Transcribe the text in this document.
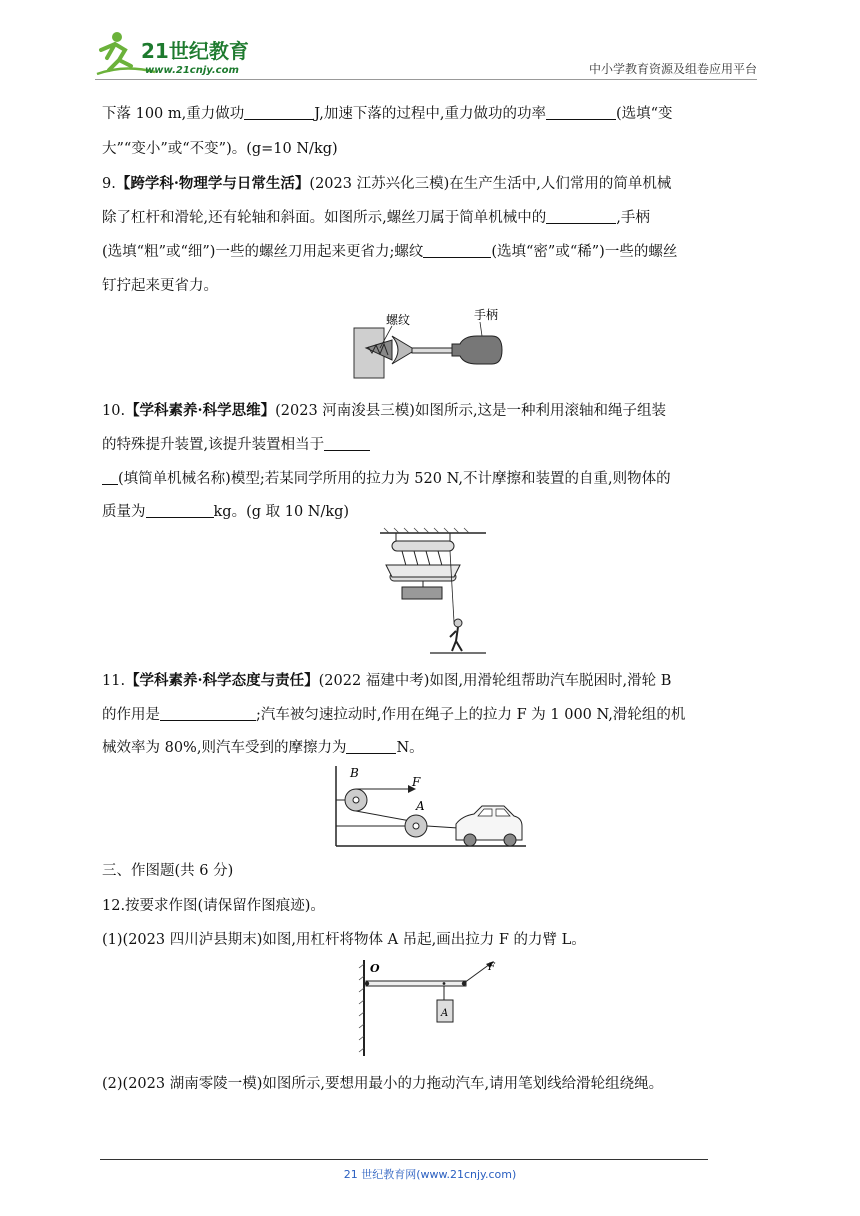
21世纪教育
www.21cnjy.com	中小学教育资源及组卷应用平台
下落 100 m,重力做功	J,加速下落的过程中,重力做功的功率	(选填“变
大”“变小”或“不变”)。(g=10 N/kg)
9.【跨学科·物理学与日常生活】(2023 江苏兴化三模)在生产生活中,人们常用的简单机械
除了杠杆和滑轮,还有轮轴和斜面。如图所示,螺丝刀属于简单机械中的	,手柄
(选填“粗”或“细”)一些的螺丝刀用起来更省力;螺纹	(选填“密”或“稀”)一些的螺丝
钉拧起来更省力。
螺纹	手柄
10.【学科素养·科学思维】(2023 河南浚县三模)如图所示,这是一种利用滚轴和绳子组装
的特殊提升装置,该提升装置相当于
(填简单机械名称)模型;若某同学所用的拉力为 520 N,不计摩擦和装置的自重,则物体的
质量为	kg。(g 取 10 N/kg)
11.【学科素养·科学态度与责任】(2022 福建中考)如图,用滑轮组帮助汽车脱困时,滑轮 B
的作用是	;汽车被匀速拉动时,作用在绳子上的拉力 F 为 1 000 N,滑轮组的机
械效率为 80%,则汽车受到的摩擦力为	N。
B
F
A
三、作图题(共 6 分)
12.按要求作图(请保留作图痕迹)。
(1)(2023 四川泸县期末)如图,用杠杆将物体 A 吊起,画出拉力 F 的力臂 L。
O
A
F
(2)(2023 湖南零陵一模)如图所示,要想用最小的力拖动汽车,请用笔划线给滑轮组绕绳。
21 世纪教育网(www.21cnjy.com)
